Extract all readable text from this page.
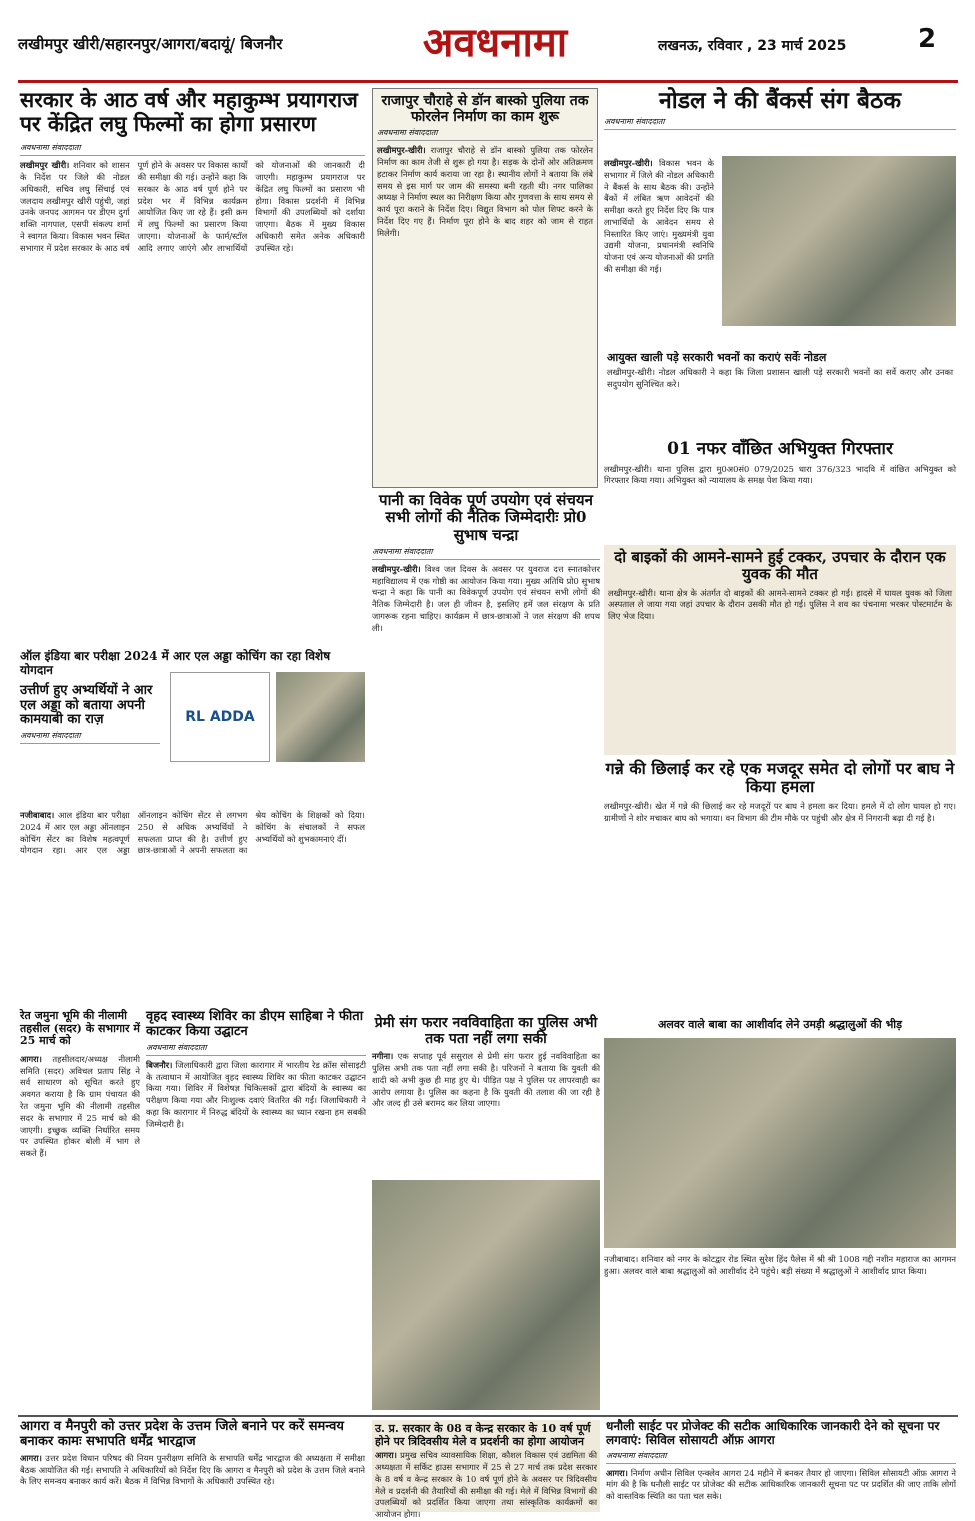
लखीमपुर खीरी/सहारनपुर/आगरा/बदायूं/ बिजनौर	अवधनामा	लखनऊ, रविवार , 23 मार्च 2025	2
सरकार के आठ वर्ष और महाकुम्भ प्रयागराज पर केंद्रित लघु फिल्मों का होगा प्रसारण
अवधनामा संवाददाता
लखीमपुर खीरी। शनिवार को शासन के निर्देश पर जिले की नोडल अधिकारी, सचिव लघु सिंचाई एवं जलदाय लखीमपुर खीरी पहुंची, जहां उनके जनपद आगमन पर डीएम दुर्गा शक्ति नागपाल, एसपी संकल्प शर्मा ने स्वागत किया। विकास भवन स्थित सभागार में प्रदेश सरकार के आठ वर्ष पूर्ण होने के अवसर पर विकास कार्यों की समीक्षा की गई। उन्होंने कहा कि सरकार के आठ वर्ष पूर्ण होने पर प्रदेश भर में विभिन्न कार्यक्रम आयोजित किए जा रहे हैं। इसी क्रम में लघु फिल्मों का प्रसारण किया जाएगा। योजनाओं के फार्म/स्टॉल आदि लगाए जाएंगे और लाभार्थियों को योजनाओं की जानकारी दी जाएगी। महाकुम्भ प्रयागराज पर केंद्रित लघु फिल्मों का प्रसारण भी होगा। विकास प्रदर्शनी में विभिन्न विभागों की उपलब्धियों को दर्शाया जाएगा। बैठक में मुख्य विकास अधिकारी समेत अनेक अधिकारी उपस्थित रहे।
राजापुर चौराहे से डॉन बास्को पुलिया तक फोरलेन निर्माण का काम शुरू
अवधनामा संवाददाता
लखीमपुर-खीरी। राजापुर चौराहे से डॉन बास्को पुलिया तक फोरलेन निर्माण का काम तेजी से शुरू हो गया है। सड़क के दोनों ओर अतिक्रमण हटाकर निर्माण कार्य कराया जा रहा है। स्थानीय लोगों ने बताया कि लंबे समय से इस मार्ग पर जाम की समस्या बनी रहती थी। नगर पालिका अध्यक्ष ने निर्माण स्थल का निरीक्षण किया और गुणवत्ता के साथ समय से कार्य पूरा कराने के निर्देश दिए। विद्युत विभाग को पोल शिफ्ट करने के निर्देश दिए गए हैं। निर्माण पूरा होने के बाद शहर को जाम से राहत मिलेगी।
नोडल ने की बैंकर्स संग बैठक
अवधनामा संवाददाता
लखीमपुर-खीरी। विकास भवन के सभागार में जिले की नोडल अधिकारी ने बैंकर्स के साथ बैठक की। उन्होंने बैंकों में लंबित ऋण आवेदनों की समीक्षा करते हुए निर्देश दिए कि पात्र लाभार्थियों के आवेदन समय से निस्तारित किए जाएं। मुख्यमंत्री युवा उद्यमी योजना, प्रधानमंत्री स्वनिधि योजना एवं अन्य योजनाओं की प्रगति की समीक्षा की गई।
आयुक्त खाली पड़े सरकारी भवनों का कराएं सर्वेः नोडल
लखीमपुर-खीरी। नोडल अधिकारी ने कहा कि जिला प्रशासन खाली पड़े सरकारी भवनों का सर्वे कराए और उनका सदुपयोग सुनिश्चित करे।
01 नफर वाँछित अभियुक्त गिरफ्तार
लखीमपुर-खीरी। थाना पुलिस द्वारा मु0अ0सं0 079/2025 धारा 376/323 भादवि में वांछित अभियुक्त को गिरफ्तार किया गया। अभियुक्त को न्यायालय के समक्ष पेश किया गया।
दो बाइकों की आमने-सामने हुई टक्कर, उपचार के दौरान एक युवक की मौत
लखीमपुर-खीरी। थाना क्षेत्र के अंतर्गत दो बाइकों की आमने-सामने टक्कर हो गई। हादसे में घायल युवक को जिला अस्पताल ले जाया गया जहां उपचार के दौरान उसकी मौत हो गई। पुलिस ने शव का पंचनामा भरकर पोस्टमार्टम के लिए भेज दिया।
गन्ने की छिलाई कर रहे एक मजदूर समेत दो लोगों पर बाघ ने किया हमला
लखीमपुर-खीरी। खेत में गन्ने की छिलाई कर रहे मजदूरों पर बाघ ने हमला कर दिया। हमले में दो लोग घायल हो गए। ग्रामीणों ने शोर मचाकर बाघ को भगाया। वन विभाग की टीम मौके पर पहुंची और क्षेत्र में निगरानी बढ़ा दी गई है।
अलवर वाले बाबा का आशीर्वाद लेने उमड़ी श्रद्धालुओं की भीड़
नजीबाबाद। शनिवार को नगर के कोटद्वार रोड स्थित सुरेश हिंद पैलेस में श्री श्री 1008 गद्दी नशीन महाराज का आगमन हुआ। अलवर वाले बाबा श्रद्धालुओं को आशीर्वाद देने पहुंचे। बड़ी संख्या में श्रद्धालुओं ने आशीर्वाद प्राप्त किया।
ऑल इंडिया बार परीक्षा 2024 में आर एल अड्डा कोचिंग का रहा विशेष योगदान
उत्तीर्ण हुए अभ्यर्थियों ने आर एल अड्डा को बताया अपनी कामयाबी का राज़
अवधनामा संवाददाता
RL ADDA
नजीबाबाद। आल इंडिया बार परीक्षा 2024 में आर एल अड्डा ऑनलाइन कोचिंग सेंटर का विशेष महत्वपूर्ण योगदान रहा। आर एल अड्डा ऑनलाइन कोचिंग सेंटर से लगभग 250 से अधिक अभ्यर्थियों ने सफलता प्राप्त की है। उत्तीर्ण हुए छात्र-छात्राओं ने अपनी सफलता का श्रेय कोचिंग के शिक्षकों को दिया। कोचिंग के संचालकों ने सफल अभ्यर्थियों को शुभकामनाएं दीं।
पानी का विवेक पूर्ण उपयोग एवं संचयन सभी लोगों की नैतिक जिम्मेदारीः प्रो0 सुभाष चन्द्रा
अवधनामा संवाददाता
लखीमपुर-खीरी। विश्व जल दिवस के अवसर पर युवराज दत्त स्नातकोत्तर महाविद्यालय में एक गोष्ठी का आयोजन किया गया। मुख्य अतिथि प्रो0 सुभाष चन्द्रा ने कहा कि पानी का विवेकपूर्ण उपयोग एवं संचयन सभी लोगों की नैतिक जिम्मेदारी है। जल ही जीवन है, इसलिए हमें जल संरक्षण के प्रति जागरूक रहना चाहिए। कार्यक्रम में छात्र-छात्राओं ने जल संरक्षण की शपथ ली।
रेत जमुना भूमि की नीलामी तहसील (सदर) के सभागार में 25 मार्च को
आगरा। तहसीलदार/अध्यक्ष नीलामी समिति (सदर) अविचल प्रताप सिंह ने सर्व साधारण को सूचित करते हुए अवगत कराया है कि ग्राम पंचायत की रेत जमुना भूमि की नीलामी तहसील सदर के सभागार में 25 मार्च को की जाएगी। इच्छुक व्यक्ति निर्धारित समय पर उपस्थित होकर बोली में भाग ले सकते हैं।
वृहद स्वास्थ्य शिविर का डीएम साहिबा ने फीता काटकर किया उद्घाटन
अवधनामा संवाददाता
बिजनौर। जिलाधिकारी द्वारा जिला कारागार में भारतीय रेड क्रॉस सोसाइटी के तत्वाधान में आयोजित वृहद स्वास्थ्य शिविर का फीता काटकर उद्घाटन किया गया। शिविर में विशेषज्ञ चिकित्सकों द्वारा बंदियों के स्वास्थ्य का परीक्षण किया गया और निःशुल्क दवाएं वितरित की गईं। जिलाधिकारी ने कहा कि कारागार में निरुद्ध बंदियों के स्वास्थ्य का ध्यान रखना हम सबकी जिम्मेदारी है।
प्रेमी संग फरार नवविवाहिता का पुलिस अभी तक पता नहीं लगा सकी
नगीना। एक सप्ताह पूर्व ससुराल से प्रेमी संग फरार हुई नवविवाहिता का पुलिस अभी तक पता नहीं लगा सकी है। परिजनों ने बताया कि युवती की शादी को अभी कुछ ही माह हुए थे। पीड़ित पक्ष ने पुलिस पर लापरवाही का आरोप लगाया है। पुलिस का कहना है कि युवती की तलाश की जा रही है और जल्द ही उसे बरामद कर लिया जाएगा।
आगरा व मैनपुरी को उत्तर प्रदेश के उत्तम जिले बनाने पर करें समन्वय बनाकर कामः सभापति धर्मेंद्र भारद्वाज
आगरा। उत्तर प्रदेश विधान परिषद की नियम पुनरीक्षण समिति के सभापति धर्मेंद्र भारद्वाज की अध्यक्षता में समीक्षा बैठक आयोजित की गई। सभापति ने अधिकारियों को निर्देश दिए कि आगरा व मैनपुरी को प्रदेश के उत्तम जिले बनाने के लिए समन्वय बनाकर कार्य करें। बैठक में विभिन्न विभागों के अधिकारी उपस्थित रहे।
उ. प्र. सरकार के 08 व केन्द्र सरकार के 10 वर्ष पूर्ण होने पर त्रिदिवसीय मेले व प्रदर्शनी का होगा आयोजन
आगरा। प्रमुख सचिव व्यावसायिक शिक्षा, कौशल विकास एवं उद्यमिता की अध्यक्षता में सर्किट हाउस सभागार में 25 से 27 मार्च तक प्रदेश सरकार के 8 वर्ष व केन्द्र सरकार के 10 वर्ष पूर्ण होने के अवसर पर त्रिदिवसीय मेले व प्रदर्शनी की तैयारियों की समीक्षा की गई। मेले में विभिन्न विभागों की उपलब्धियों को प्रदर्शित किया जाएगा तथा सांस्कृतिक कार्यक्रमों का आयोजन होगा।
धनौली साईट पर प्रोजेक्ट की सटीक आधिकारिक जानकारी देने को सूचना पर लगवाएं: सिविल सोसायटी ऑफ़ आगरा
अवधनामा संवाददाता
आगरा। निर्माण अधीन सिविल एन्क्लेव आगरा 24 महीने में बनकर तैयार हो जाएगा। सिविल सोसायटी ऑफ़ आगरा ने मांग की है कि धनौली साईट पर प्रोजेक्ट की सटीक आधिकारिक जानकारी सूचना पट पर प्रदर्शित की जाए ताकि लोगों को वास्तविक स्थिति का पता चल सके।
